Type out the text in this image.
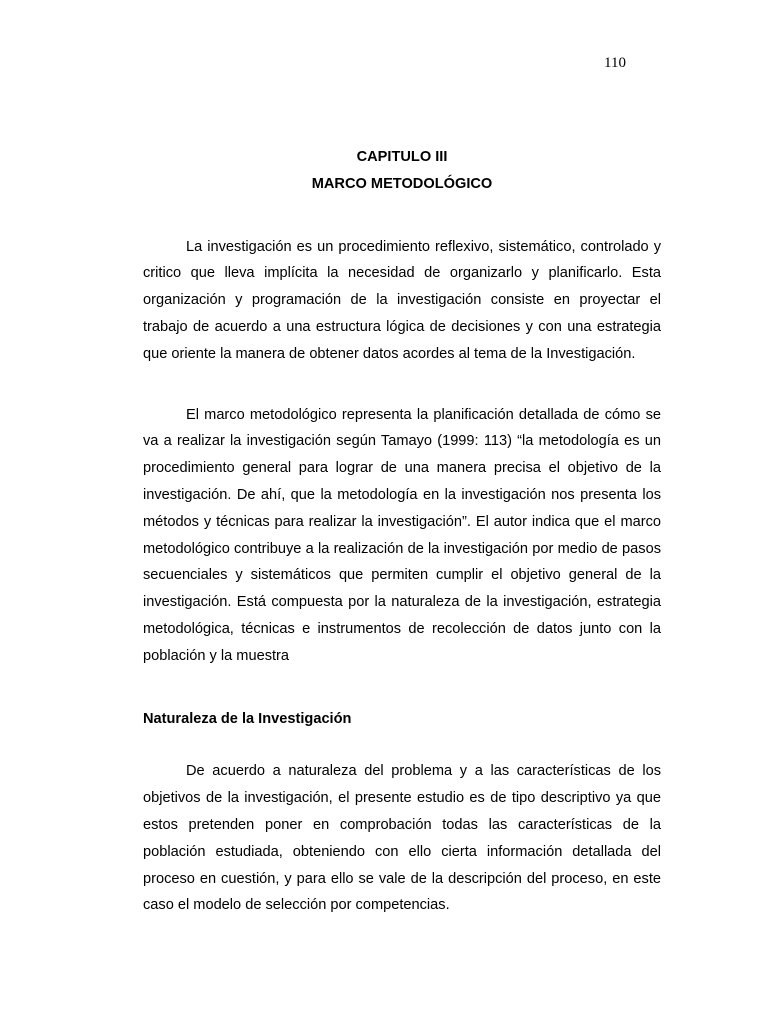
110

CAPITULO III

MARCO METODOLÓGICO

La investigación es un procedimiento reflexivo, sistemático, controlado y critico que lleva implícita la necesidad de organizarlo y planificarlo. Esta organización y programación de la investigación consiste en proyectar el trabajo de acuerdo a una estructura lógica de decisiones y con una estrategia que oriente la manera de obtener datos acordes al tema de la Investigación.

El marco metodológico representa la planificación detallada de cómo se va a realizar la investigación según Tamayo (1999: 113) “la metodología es un procedimiento general para lograr de una manera precisa el objetivo de la investigación. De ahí, que la metodología en la investigación nos presenta los métodos y técnicas para realizar la investigación”. El autor indica que el marco metodológico contribuye a la realización de la investigación por medio de pasos secuenciales y sistemáticos que permiten cumplir el objetivo general de la investigación. Está compuesta por la naturaleza de la investigación, estrategia metodológica, técnicas e instrumentos de recolección de datos junto con la población y la muestra

Naturaleza de la Investigación

De acuerdo a naturaleza del problema y a las características de los objetivos de la investigación, el presente estudio es de tipo descriptivo ya que estos pretenden poner en comprobación todas las características de la población estudiada, obteniendo con ello cierta información detallada del proceso en cuestión, y para ello se vale de la descripción del proceso, en este caso el modelo de selección por competencias.
